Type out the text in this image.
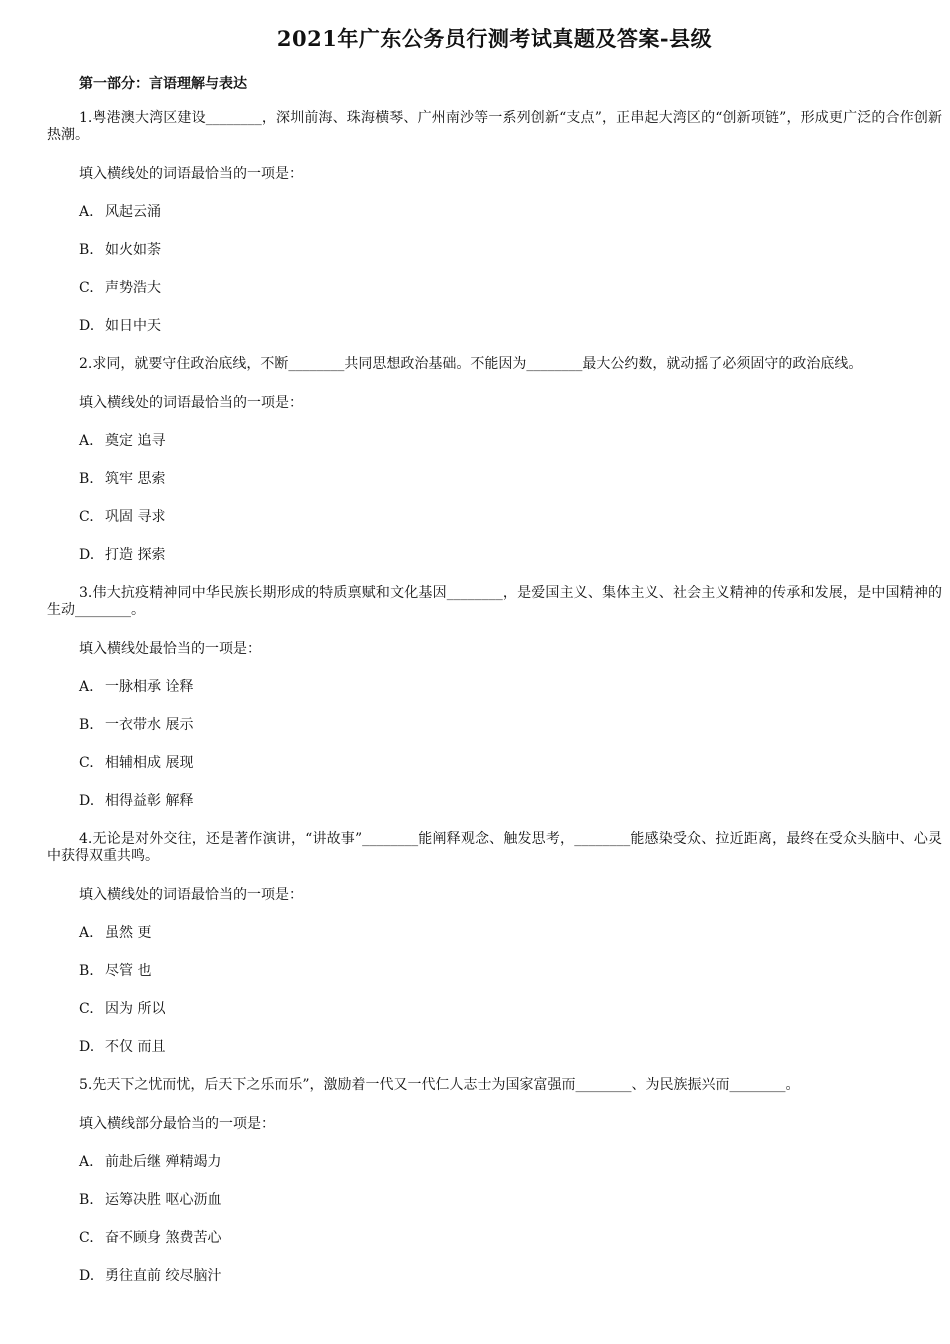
2021年广东公务员行测考试真题及答案-县级
第一部分：言语理解与表达

1.粤港澳大湾区建设________，深圳前海、珠海横琴、广州南沙等一系列创新“支点”，正串起大湾区的“创新项链”，形成更广泛的合作创新热潮。

填入横线处的词语最恰当的一项是：

A. 风起云涌
B. 如火如荼
C. 声势浩大
D. 如日中天

2.求同，就要守住政治底线，不断________共同思想政治基础。不能因为________最大公约数，就动摇了必须固守的政治底线。

填入横线处的词语最恰当的一项是：

A. 奠定 追寻
B. 筑牢 思索
C. 巩固 寻求
D. 打造 探索

3.伟大抗疫精神同中华民族长期形成的特质禀赋和文化基因________，是爱国主义、集体主义、社会主义精神的传承和发展，是中国精神的生动________。

填入横线处最恰当的一项是：

A. 一脉相承 诠释
B. 一衣带水 展示
C. 相辅相成 展现
D. 相得益彰 解释

4.无论是对外交往，还是著作演讲，“讲故事”________能阐释观念、触发思考，________能感染受众、拉近距离，最终在受众头脑中、心灵中获得双重共鸣。

填入横线处的词语最恰当的一项是：

A. 虽然 更
B. 尽管 也
C. 因为 所以
D. 不仅 而且

5.先天下之忧而忧，后天下之乐而乐”，激励着一代又一代仁人志士为国家富强而________、为民族振兴而________。

填入横线部分最恰当的一项是：

A. 前赴后继 殚精竭力
B. 运筹决胜 呕心沥血
C. 奋不顾身 煞费苦心
D. 勇往直前 绞尽脑汁
